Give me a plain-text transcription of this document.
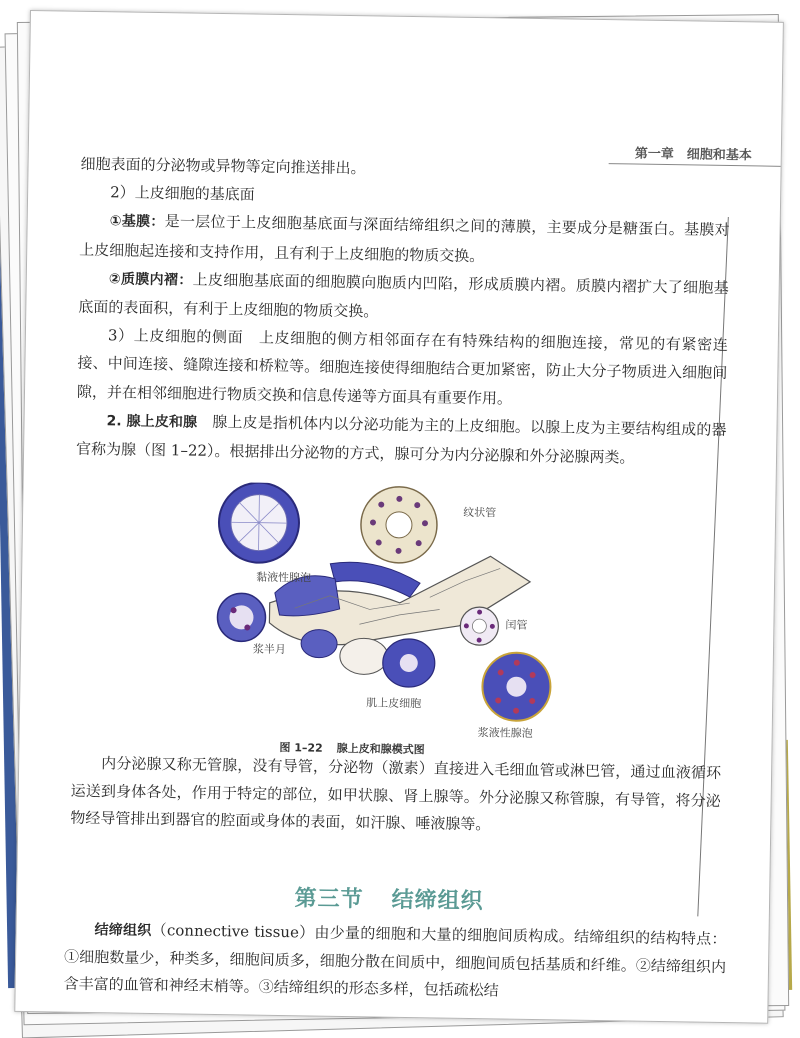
第一章　细胞和基本

细胞表面的分泌物或异物等定向推送排出。

2）上皮细胞的基底面

①基膜：是一层位于上皮细胞基底面与深面结缔组织之间的薄膜，主要成分是糖蛋白。基膜对上皮细胞起连接和支持作用，且有利于上皮细胞的物质交换。

②质膜内褶：上皮细胞基底面的细胞膜向胞质内凹陷，形成质膜内褶。质膜内褶扩大了细胞基底面的表面积，有利于上皮细胞的物质交换。

3）上皮细胞的侧面　上皮细胞的侧方相邻面存在有特殊结构的细胞连接，常见的有紧密连接、中间连接、缝隙连接和桥粒等。细胞连接使得细胞结合更加紧密，防止大分子物质进入细胞间隙，并在相邻细胞进行物质交换和信息传递等方面具有重要作用。

2. 腺上皮和腺　腺上皮是指机体内以分泌功能为主的上皮细胞。以腺上皮为主要结构组成的器官称为腺（图 1–22）。根据排出分泌物的方式，腺可分为内分泌腺和外分泌腺两类。

纹状管
黏液性腺泡
闰管
浆半月
肌上皮细胞
浆液性腺泡
图 1–22 腺上皮和腺模式图

内分泌腺又称无管腺，没有导管，分泌物（激素）直接进入毛细血管或淋巴管，通过血液循环运送到身体各处，作用于特定的部位，如甲状腺、肾上腺等。外分泌腺又称管腺，有导管，将分泌物经导管排出到器官的腔面或身体的表面，如汗腺、唾液腺等。

第三节 结缔组织

结缔组织（connective tissue）由少量的细胞和大量的细胞间质构成。结缔组织的结构特点：①细胞数量少，种类多，细胞间质多，细胞分散在间质中，细胞间质包括基质和纤维。②结缔组织内含丰富的血管和神经末梢等。③结缔组织的形态多样，包括疏松结
